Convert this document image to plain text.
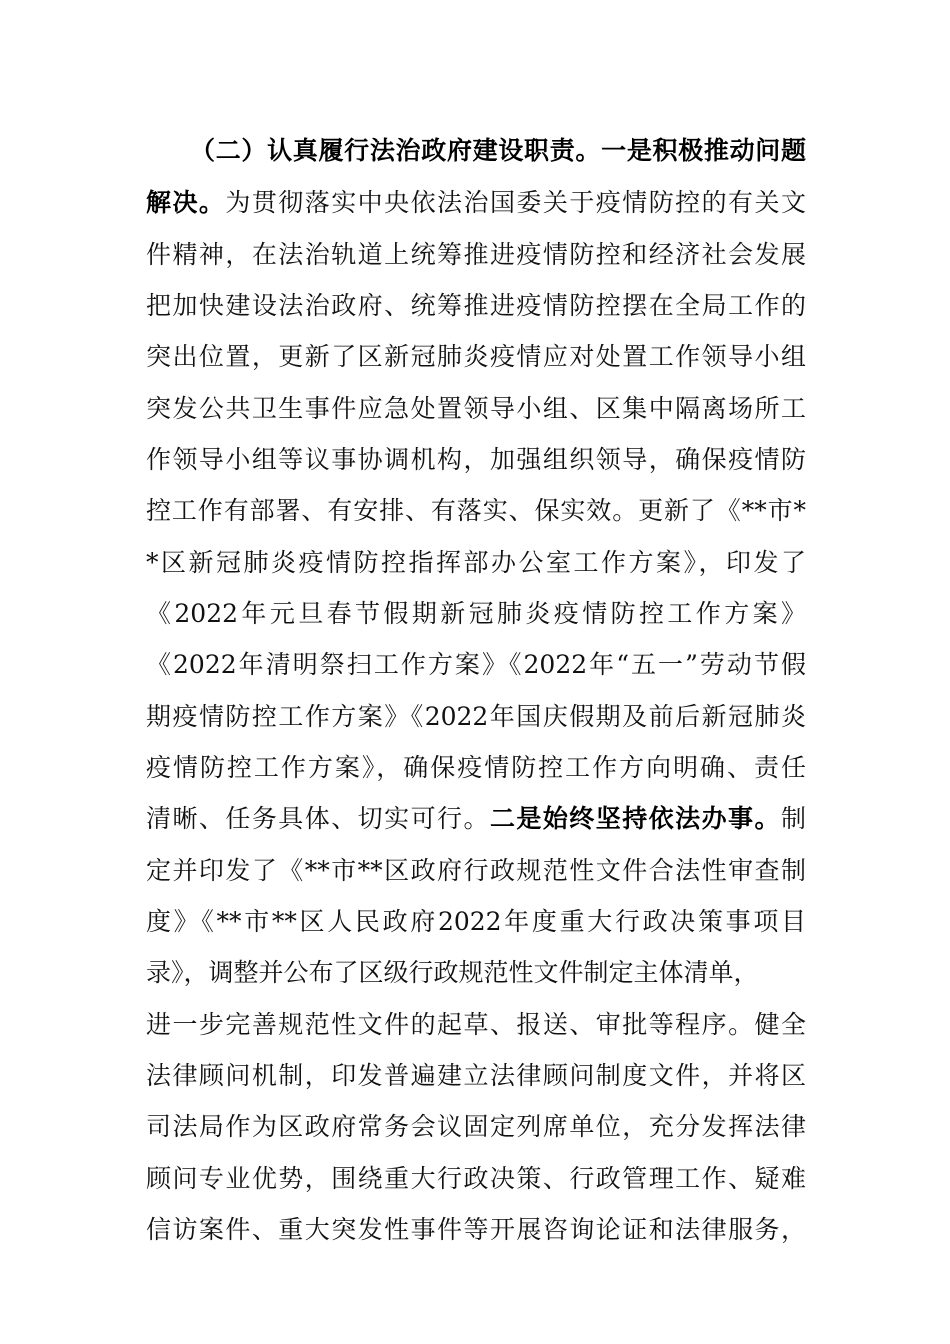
（二）认真履行法治政府建设职责。一是积极推动问题
解决。为贯彻落实中央依法治国委关于疫情防控的有关文
件精神，在法治轨道上统筹推进疫情防控和经济社会发展
把加快建设法治政府、统筹推进疫情防控摆在全局工作的
突出位置，更新了区新冠肺炎疫情应对处置工作领导小组
突发公共卫生事件应急处置领导小组、区集中隔离场所工
作领导小组等议事协调机构，加强组织领导，确保疫情防
控工作有部署、有安排、有落实、保实效。更新了《**市*
*区新冠肺炎疫情防控指挥部办公室工作方案》，印发了
《2022年元旦春节假期新冠肺炎疫情防控工作方案》
《2022年清明祭扫工作方案》《2022年“五一”劳动节假
期疫情防控工作方案》《2022年国庆假期及前后新冠肺炎
疫情防控工作方案》，确保疫情防控工作方向明确、责任
清晰、任务具体、切实可行。二是始终坚持依法办事。制
定并印发了《**市**区政府行政规范性文件合法性审查制
度》《**市**区人民政府2022年度重大行政决策事项目
录》，调整并公布了区级行政规范性文件制定主体清单，
进一步完善规范性文件的起草、报送、审批等程序。健全
法律顾问机制，印发普遍建立法律顾问制度文件，并将区
司法局作为区政府常务会议固定列席单位，充分发挥法律
顾问专业优势，围绕重大行政决策、行政管理工作、疑难
信访案件、重大突发性事件等开展咨询论证和法律服务，
